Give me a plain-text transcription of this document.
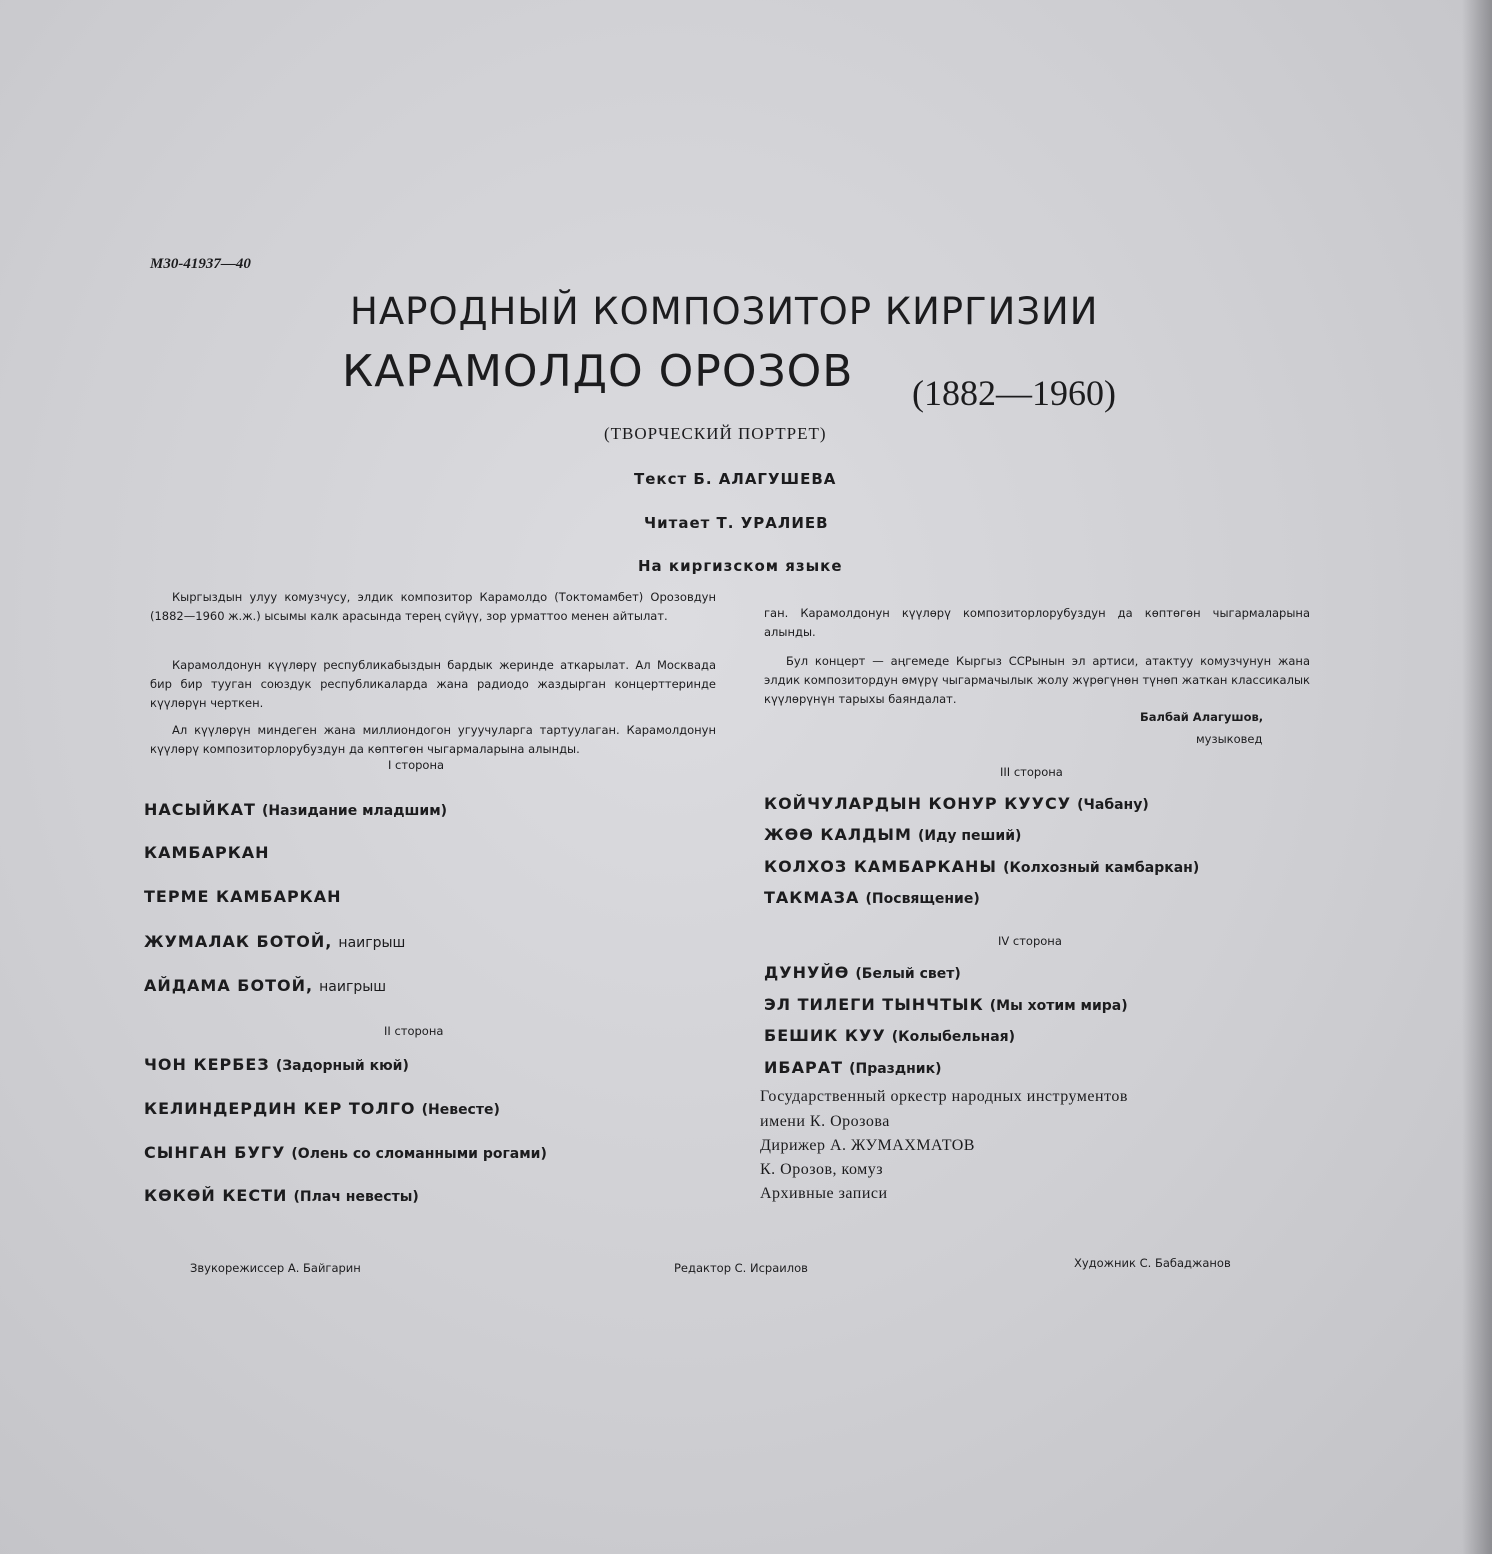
М30-41937—40
НАРОДНЫЙ КОМПОЗИТОР КИРГИЗИИ
КАРАМОЛДО ОРОЗОВ (1882—1960)
(ТВОРЧЕСКИЙ ПОРТРЕТ)
Текст Б. АЛАГУШЕВА
Читает Т. УРАЛИЕВ
На киргизском языке

Кыргыздын улуу комузчусу, элдик композитор Карамолдо (Токтомамбет) Орозовдун (1882—1960 ж.ж.) ысымы калк арасында терең сүйүү, зор урматтоо менен айтылат.

Карамолдонун күүлөрү республикабыздын бардык жеринде аткарылат. Ал Москвада бир бир тууган союздук республикаларда жана радиодо жаздырган концерттеринде күүлөрүн черткен.

Ал күүлөрүн миндеген жана миллиондогон угуучуларга тартуулаган. Карамолдонун күүлөрү композиторлорубуздун да көптөгөн чыгармаларына алынды.

ган. Карамолдонун күүлөрү композиторлорубуздун да көптөгөн чыгармаларына алынды.

Бул концерт — аңгемеде Кыргыз ССРынын эл артиси, атактуу комузчунун жана элдик композитордун өмүрү чыгармачылык жолу жүрөгүнөн түнөп жаткан классикалык күүлөрүнүн тарыхы баяндалат.

Балбай Алагушов,
музыковед
I сторона
НАСЫЙКАТ (Назидание младшим)
КАМБАРКАН
ТЕРМЕ КАМБАРКАН
ЖУМАЛАК БОТОЙ, наигрыш
АЙДАМА БОТОЙ, наигрыш
II сторона
ЧОН КЕРБЕЗ (Задорный кюй)
КЕЛИНДЕРДИН КЕР ТОЛГО (Невесте)
СЫНГАН БУГУ (Олень со сломанными рогами)
КӨКӨЙ КЕСТИ (Плач невесты)
III сторона
КОЙЧУЛАРДЫН КОНУР КУУСУ (Чабану)
ЖӨӨ КАЛДЫМ (Иду пеший)
КОЛХОЗ КАМБАРКАНЫ (Колхозный камбаркан)
ТАКМАЗА (Посвящение)
IV сторона
ДУНУЙӨ (Белый свет)
ЭЛ ТИЛЕГИ ТЫНЧТЫК (Мы хотим мира)
БЕШИК КУУ (Колыбельная)
ИБАРАТ (Праздник)
Государственный оркестр народных инструментов
имени К. Орозова
Дирижер А. ЖУМАХМАТОВ
К. Орозов, комуз
Архивные записи
Звукорежиссер А. Байгарин	Редактор С. Исраилов	Художник С. Бабаджанов
